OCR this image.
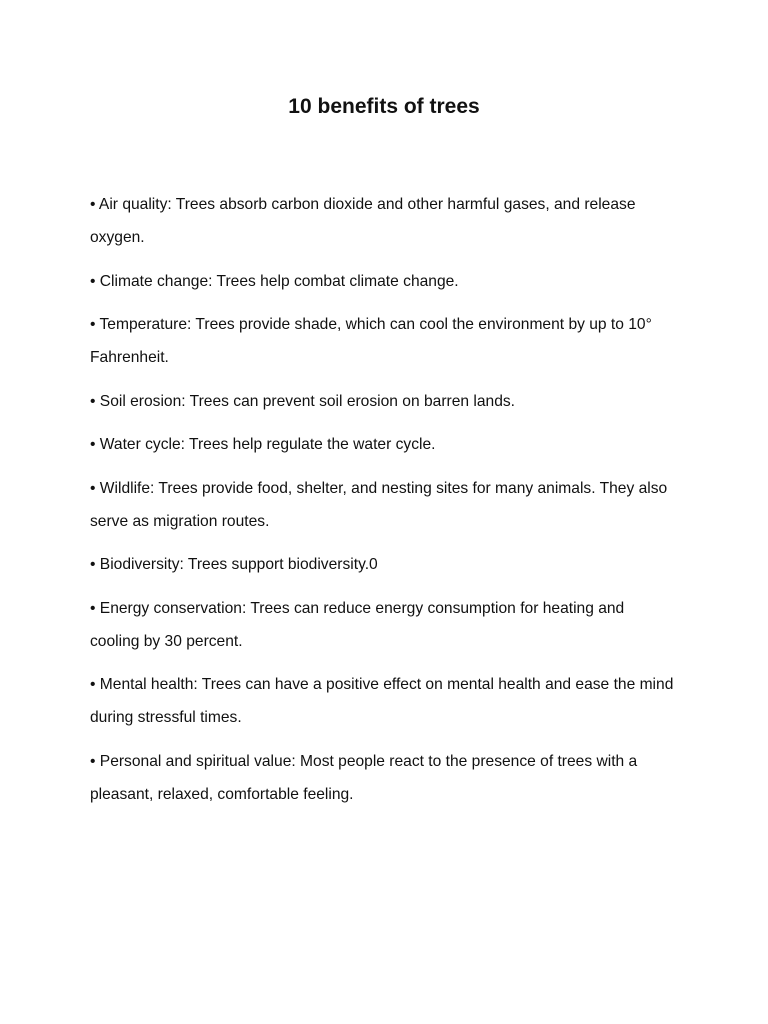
10 benefits of trees
• Air quality: Trees absorb carbon dioxide and other harmful gases, and release oxygen.
• Climate change: Trees help combat climate change.
• Temperature: Trees provide shade, which can cool the environment by up to 10° Fahrenheit.
• Soil erosion: Trees can prevent soil erosion on barren lands.
• Water cycle: Trees help regulate the water cycle.
• Wildlife: Trees provide food, shelter, and nesting sites for many animals. They also serve as migration routes.
• Biodiversity: Trees support biodiversity.0
• Energy conservation: Trees can reduce energy consumption for heating and cooling by 30 percent.
• Mental health: Trees can have a positive effect on mental health and ease the mind during stressful times.
• Personal and spiritual value: Most people react to the presence of trees with a pleasant, relaxed, comfortable feeling.
